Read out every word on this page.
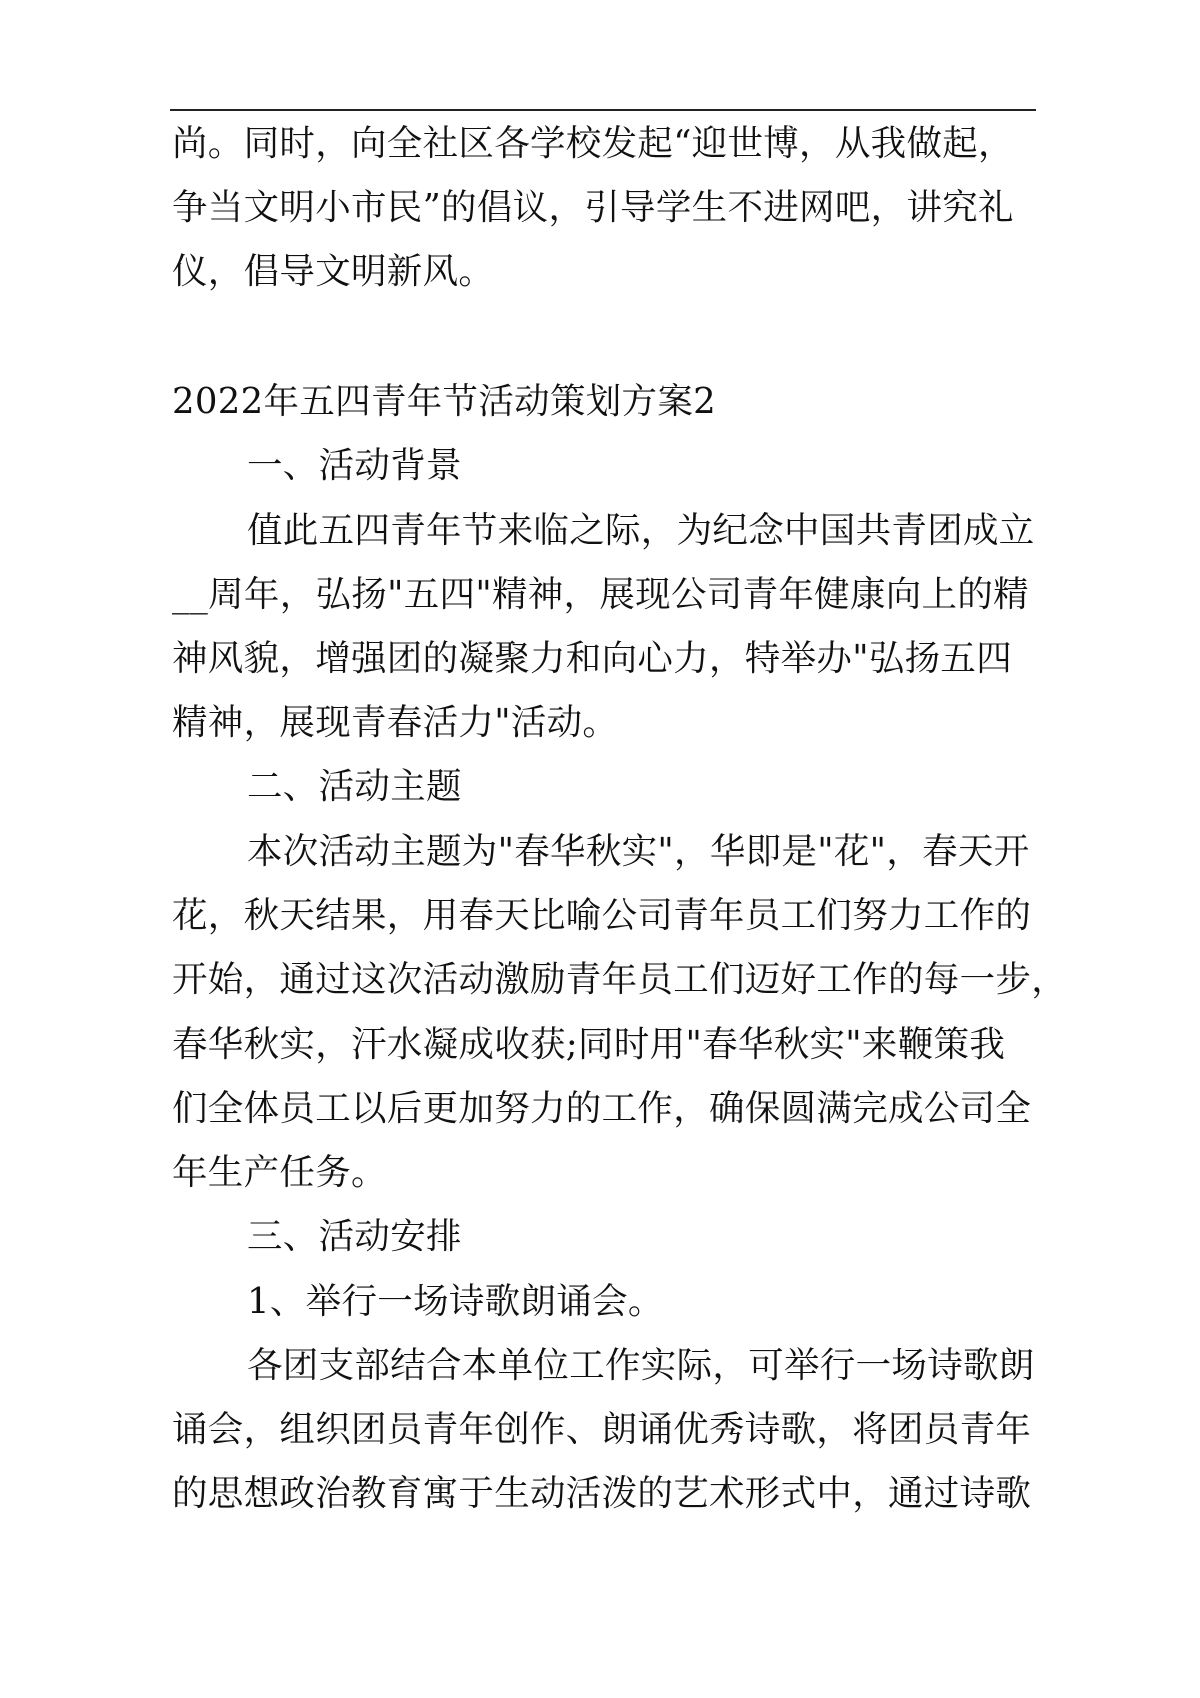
尚。同时，向全社区各学校发起“迎世博，从我做起，
争当文明小市民”的倡议，引导学生不进网吧，讲究礼
仪，倡导文明新风。
2022年五四青年节活动策划方案2
一、活动背景
值此五四青年节来临之际，为纪念中国共青团成立
__周年，弘扬"五四"精神，展现公司青年健康向上的精
神风貌，增强团的凝聚力和向心力，特举办"弘扬五四
精神，展现青春活力"活动。
二、活动主题
本次活动主题为"春华秋实"，华即是"花"，春天开
花，秋天结果，用春天比喻公司青年员工们努力工作的
开始，通过这次活动激励青年员工们迈好工作的每一步，
春华秋实，汗水凝成收获;同时用"春华秋实"来鞭策我
们全体员工以后更加努力的工作，确保圆满完成公司全
年生产任务。
三、活动安排
1、举行一场诗歌朗诵会。
各团支部结合本单位工作实际，可举行一场诗歌朗
诵会，组织团员青年创作、朗诵优秀诗歌，将团员青年
的思想政治教育寓于生动活泼的艺术形式中，通过诗歌
